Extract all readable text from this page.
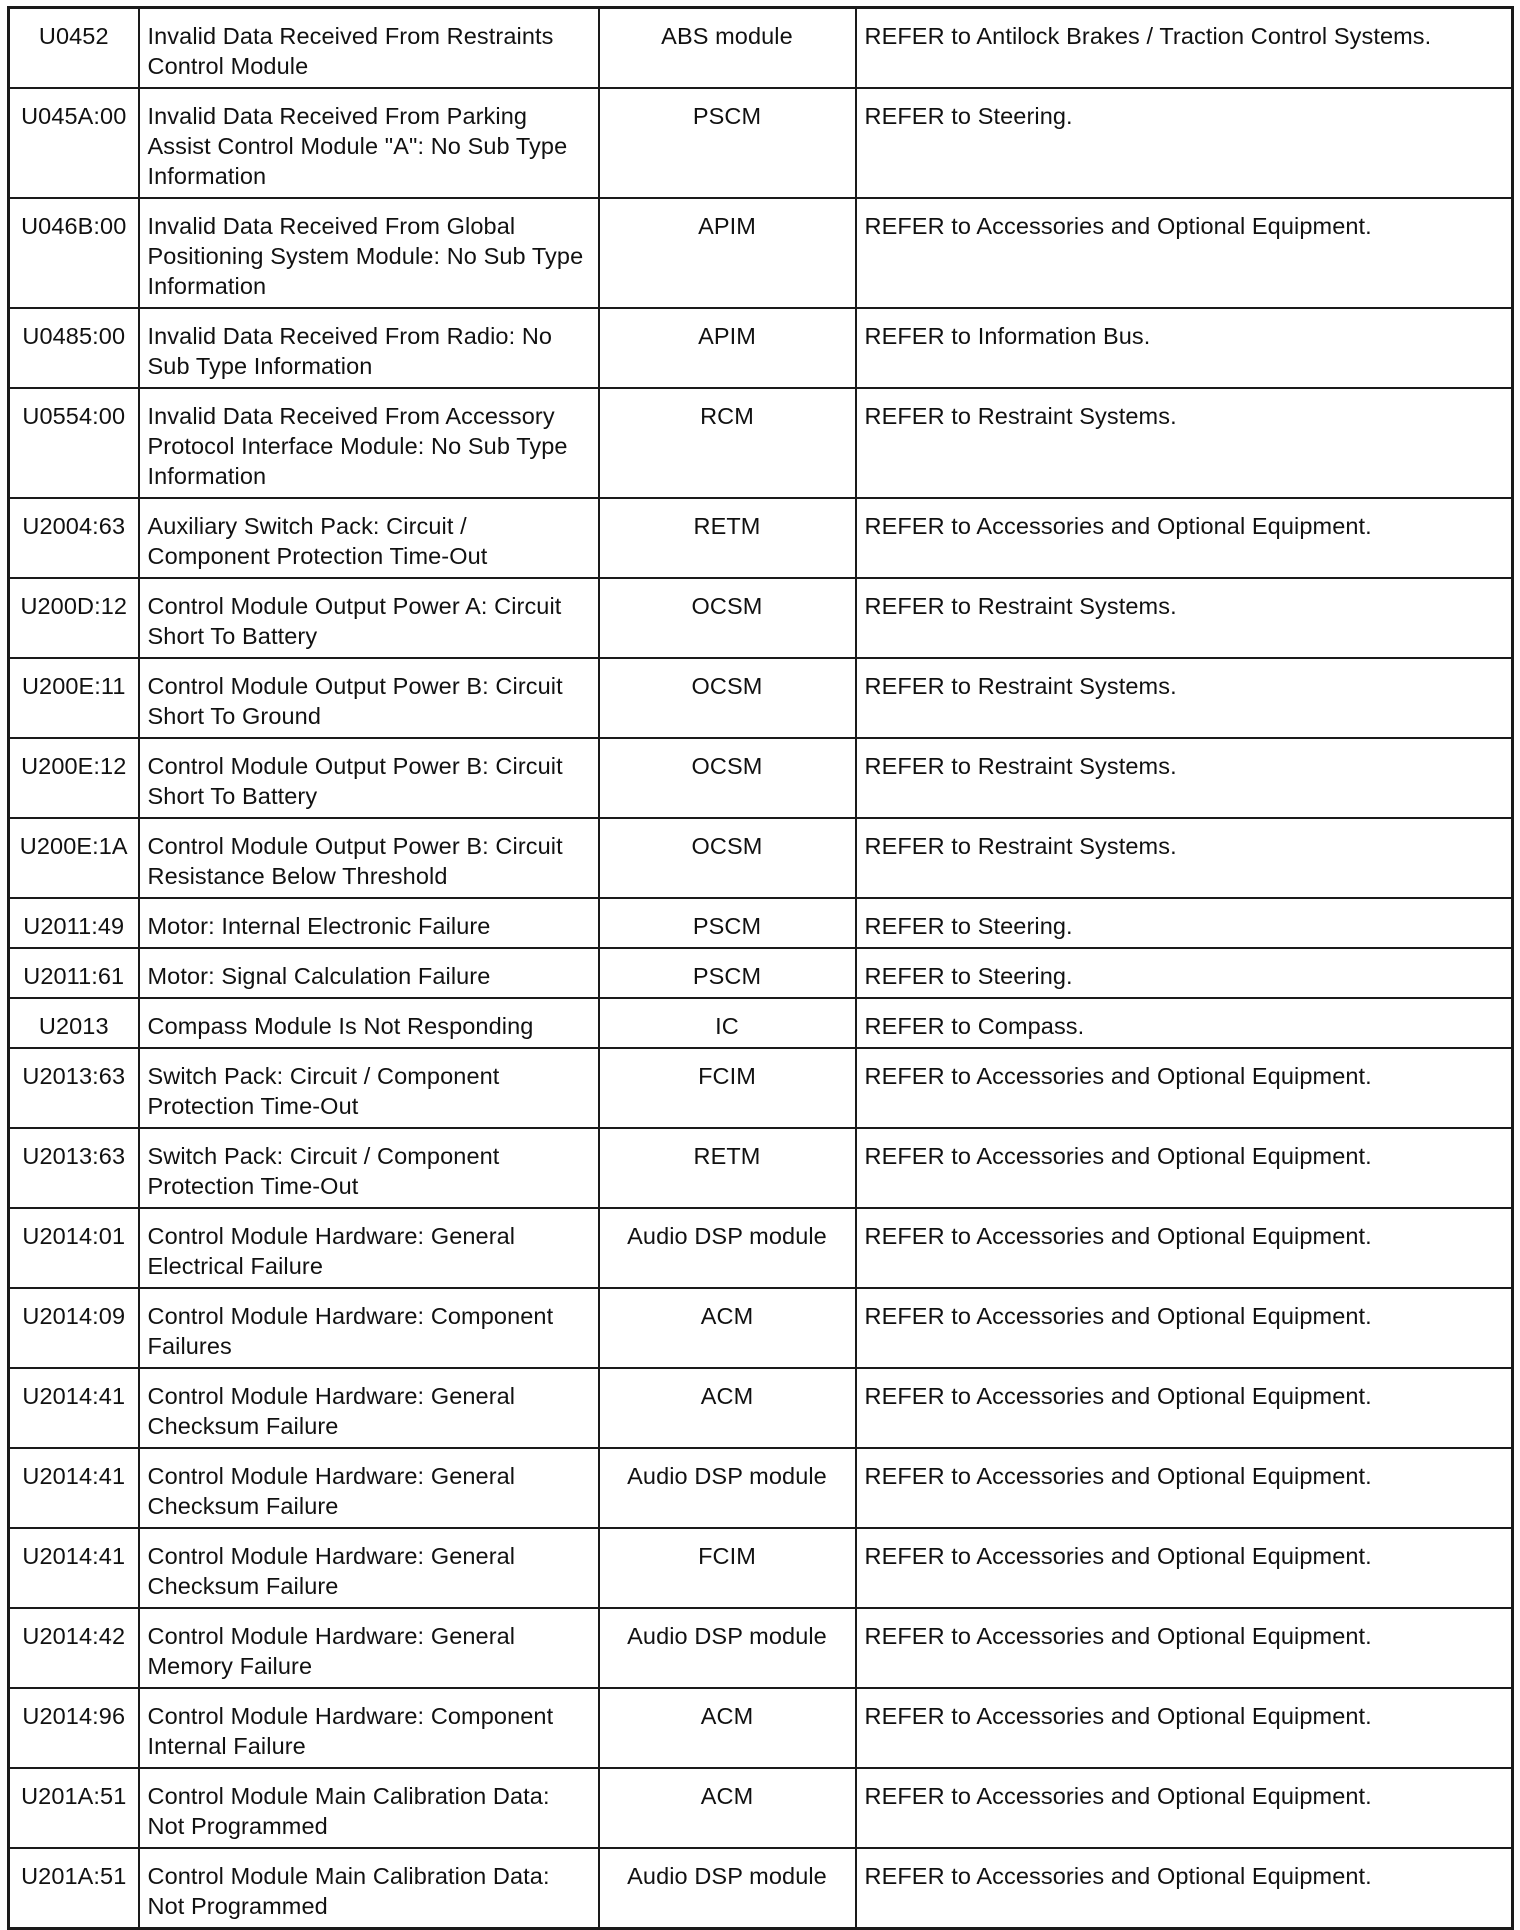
U0452	Invalid Data Received From Restraints Control Module	ABS module	REFER to Antilock Brakes / Traction Control Systems.
U045A:00	Invalid Data Received From Parking Assist Control Module "A": No Sub Type Information	PSCM	REFER to Steering.
U046B:00	Invalid Data Received From Global Positioning System Module: No Sub Type Information	APIM	REFER to Accessories and Optional Equipment.
U0485:00	Invalid Data Received From Radio: No Sub Type Information	APIM	REFER to Information Bus.
U0554:00	Invalid Data Received From Accessory Protocol Interface Module: No Sub Type Information	RCM	REFER to Restraint Systems.
U2004:63	Auxiliary Switch Pack: Circuit / Component Protection Time-Out	RETM	REFER to Accessories and Optional Equipment.
U200D:12	Control Module Output Power A: Circuit Short To Battery	OCSM	REFER to Restraint Systems.
U200E:11	Control Module Output Power B: Circuit Short To Ground	OCSM	REFER to Restraint Systems.
U200E:12	Control Module Output Power B: Circuit Short To Battery	OCSM	REFER to Restraint Systems.
U200E:1A	Control Module Output Power B: Circuit Resistance Below Threshold	OCSM	REFER to Restraint Systems.
U2011:49	Motor: Internal Electronic Failure	PSCM	REFER to Steering.
U2011:61	Motor: Signal Calculation Failure	PSCM	REFER to Steering.
U2013	Compass Module Is Not Responding	IC	REFER to Compass.
U2013:63	Switch Pack: Circuit / Component Protection Time-Out	FCIM	REFER to Accessories and Optional Equipment.
U2013:63	Switch Pack: Circuit / Component Protection Time-Out	RETM	REFER to Accessories and Optional Equipment.
U2014:01	Control Module Hardware: General Electrical Failure	Audio DSP module	REFER to Accessories and Optional Equipment.
U2014:09	Control Module Hardware: Component Failures	ACM	REFER to Accessories and Optional Equipment.
U2014:41	Control Module Hardware: General Checksum Failure	ACM	REFER to Accessories and Optional Equipment.
U2014:41	Control Module Hardware: General Checksum Failure	Audio DSP module	REFER to Accessories and Optional Equipment.
U2014:41	Control Module Hardware: General Checksum Failure	FCIM	REFER to Accessories and Optional Equipment.
U2014:42	Control Module Hardware: General Memory Failure	Audio DSP module	REFER to Accessories and Optional Equipment.
U2014:96	Control Module Hardware: Component Internal Failure	ACM	REFER to Accessories and Optional Equipment.
U201A:51	Control Module Main Calibration Data: Not Programmed	ACM	REFER to Accessories and Optional Equipment.
U201A:51	Control Module Main Calibration Data: Not Programmed	Audio DSP module	REFER to Accessories and Optional Equipment.
